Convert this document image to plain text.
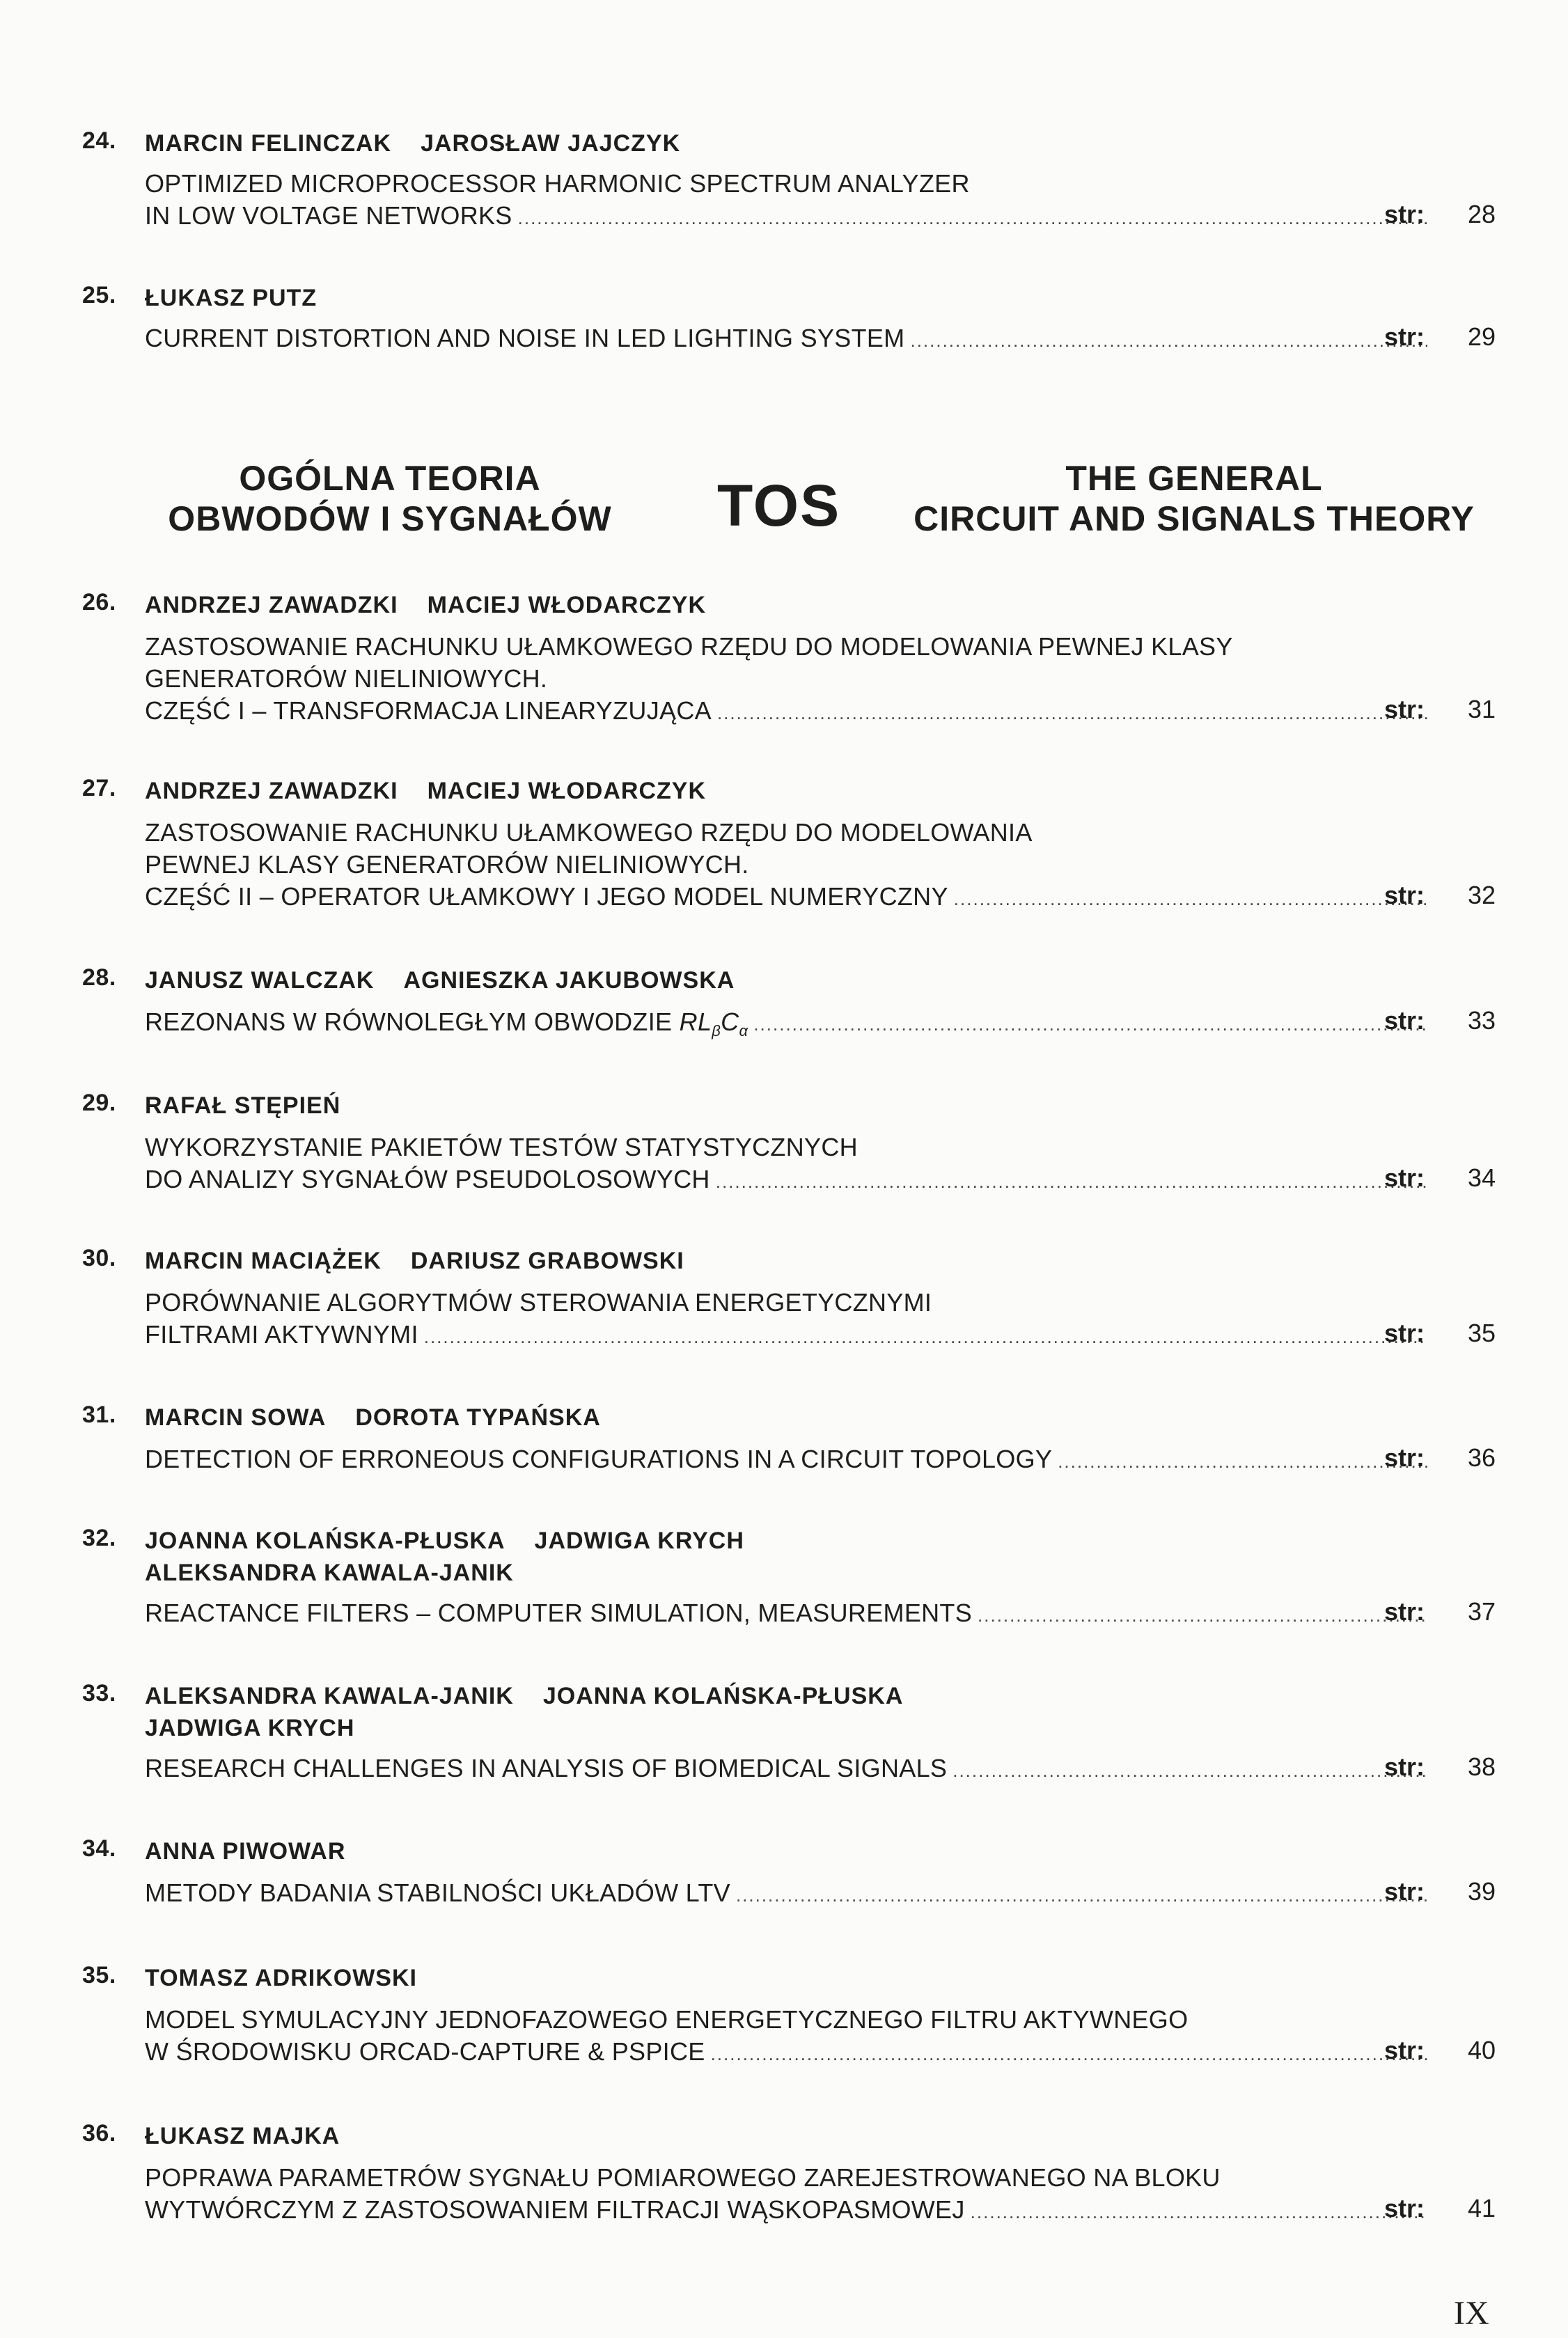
24. MARCIN FELINCZAK JAROSŁAW JAJCZYK
OPTIMIZED MICROPROCESSOR HARMONIC SPECTRUM ANALYZER
IN LOW VOLTAGE NETWORKS .....	str: 28
25. ŁUKASZ PUTZ
CURRENT DISTORTION AND NOISE IN LED LIGHTING SYSTEM .....	str: 29
OGÓLNA TEORIA
OBWODÓW I SYGNAŁÓW	TOS	THE GENERAL
CIRCUIT AND SIGNALS THEORY
26. ANDRZEJ ZAWADZKI MACIEJ WŁODARCZYK
ZASTOSOWANIE RACHUNKU UŁAMKOWEGO RZĘDU DO MODELOWANIA PEWNEJ KLASY
GENERATORÓW NIELINIOWYCH.
CZĘŚĆ I – TRANSFORMACJA LINEARYZUJĄCA .....	str: 31
27. ANDRZEJ ZAWADZKI MACIEJ WŁODARCZYK
ZASTOSOWANIE RACHUNKU UŁAMKOWEGO RZĘDU DO MODELOWANIA
PEWNEJ KLASY GENERATORÓW NIELINIOWYCH.
CZĘŚĆ II – OPERATOR UŁAMKOWY I JEGO MODEL NUMERYCZNY .....	str: 32
28. JANUSZ WALCZAK AGNIESZKA JAKUBOWSKA
REZONANS W RÓWNOLEGŁYM OBWODZIE $RL_\beta C_\alpha$ .....	str: 33
29. RAFAŁ STĘPIEŃ
WYKORZYSTANIE PAKIETÓW TESTÓW STATYSTYCZNYCH
DO ANALIZY SYGNAŁÓW PSEUDOLOSOWYCH .....	str: 34
30. MARCIN MACIĄŻEK DARIUSZ GRABOWSKI
PORÓWNANIE ALGORYTMÓW STEROWANIA ENERGETYCZNYMI
FILTRAMI AKTYWNYMI .....	str: 35
31. MARCIN SOWA DOROTA TYPAŃSKA
DETECTION OF ERRONEOUS CONFIGURATIONS IN A CIRCUIT TOPOLOGY .....	str: 36
32. JOANNA KOLAŃSKA-PŁUSKA JADWIGA KRYCH
ALEKSANDRA KAWALA-JANIK
REACTANCE FILTERS – COMPUTER SIMULATION, MEASUREMENTS .....	str: 37
33. ALEKSANDRA KAWALA-JANIK JOANNA KOLAŃSKA-PŁUSKA
JADWIGA KRYCH
RESEARCH CHALLENGES IN ANALYSIS OF BIOMEDICAL SIGNALS .....	str: 38
34. ANNA PIWOWAR
METODY BADANIA STABILNOŚCI UKŁADÓW LTV .....	str: 39
35. TOMASZ ADRIKOWSKI
MODEL SYMULACYJNY JEDNOFAZOWEGO ENERGETYCZNEGO FILTRU AKTYWNEGO
W ŚRODOWISKU ORCAD-CAPTURE & PSPICE .....	str: 40
36. ŁUKASZ MAJKA
POPRAWA PARAMETRÓW SYGNAŁU POMIAROWEGO ZAREJESTROWANEGO NA BLOKU
WYTWÓRCZYM Z ZASTOSOWANIEM FILTRACJI WĄSKOPASMOWEJ .....	str: 41
IX
